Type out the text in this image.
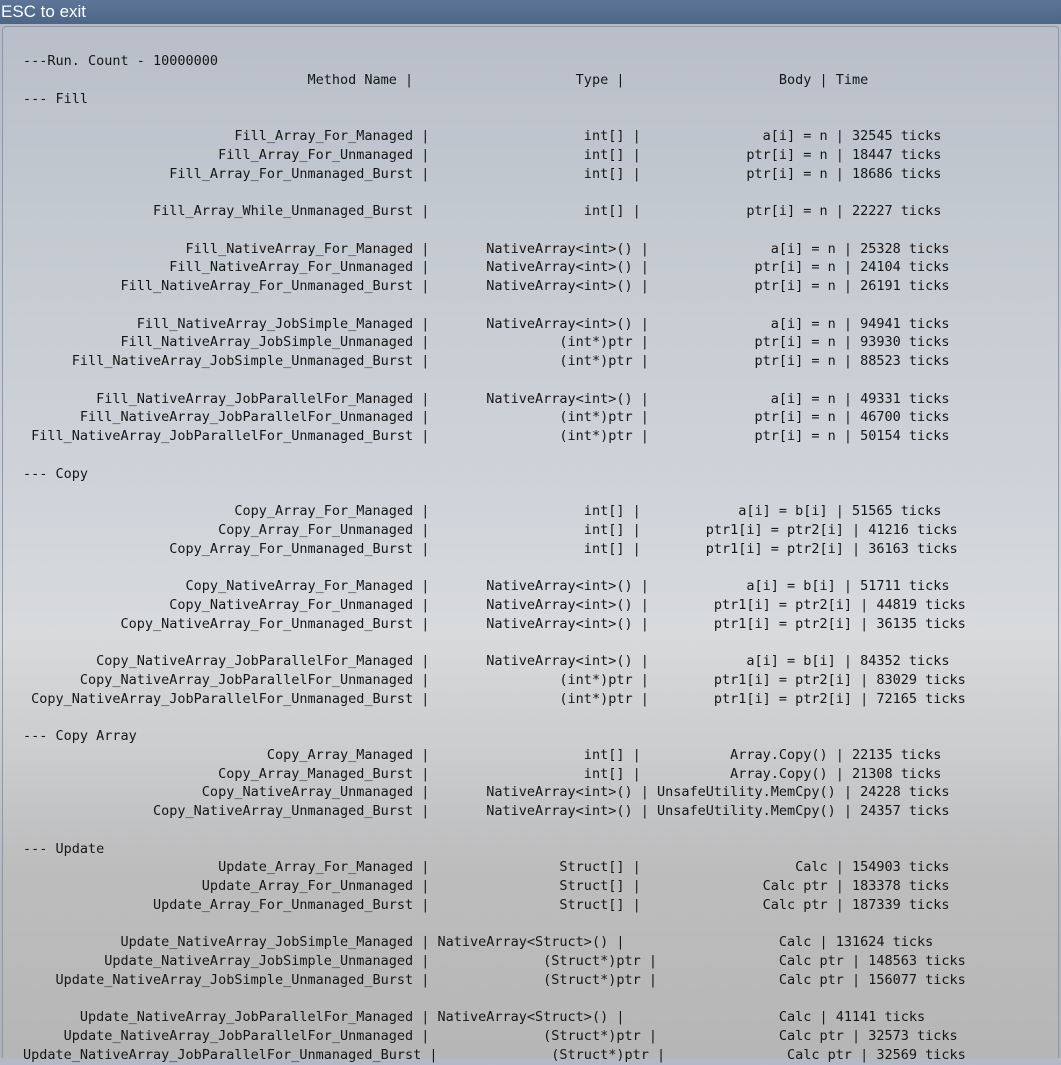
ESC to exit
---Run. Count - 10000000
Method Name |                    Type |                   Body | Time
--- Fill
Fill_Array_For_Managed |                   int[] |               a[i] = n | 32545 ticks
Fill_Array_For_Unmanaged |                   int[] |             ptr[i] = n | 18447 ticks
Fill_Array_For_Unmanaged_Burst |                   int[] |             ptr[i] = n | 18686 ticks
Fill_Array_While_Unmanaged_Burst |                   int[] |             ptr[i] = n | 22227 ticks
Fill_NativeArray_For_Managed |       NativeArray<int>() |               a[i] = n | 25328 ticks
Fill_NativeArray_For_Unmanaged |       NativeArray<int>() |             ptr[i] = n | 24104 ticks
Fill_NativeArray_For_Unmanaged_Burst |       NativeArray<int>() |             ptr[i] = n | 26191 ticks
Fill_NativeArray_JobSimple_Managed |       NativeArray<int>() |               a[i] = n | 94941 ticks
Fill_NativeArray_JobSimple_Unmanaged |                (int*)ptr |             ptr[i] = n | 93930 ticks
Fill_NativeArray_JobSimple_Unmanaged_Burst |                (int*)ptr |             ptr[i] = n | 88523 ticks
Fill_NativeArray_JobParallelFor_Managed |       NativeArray<int>() |               a[i] = n | 49331 ticks
Fill_NativeArray_JobParallelFor_Unmanaged |                (int*)ptr |             ptr[i] = n | 46700 ticks
Fill_NativeArray_JobParallelFor_Unmanaged_Burst |                (int*)ptr |             ptr[i] = n | 50154 ticks
--- Copy
Copy_Array_For_Managed |                   int[] |            a[i] = b[i] | 51565 ticks
Copy_Array_For_Unmanaged |                   int[] |        ptr1[i] = ptr2[i] | 41216 ticks
Copy_Array_For_Unmanaged_Burst |                   int[] |        ptr1[i] = ptr2[i] | 36163 ticks
Copy_NativeArray_For_Managed |       NativeArray<int>() |            a[i] = b[i] | 51711 ticks
Copy_NativeArray_For_Unmanaged |       NativeArray<int>() |        ptr1[i] = ptr2[i] | 44819 ticks
Copy_NativeArray_For_Unmanaged_Burst |       NativeArray<int>() |        ptr1[i] = ptr2[i] | 36135 ticks
Copy_NativeArray_JobParallelFor_Managed |       NativeArray<int>() |            a[i] = b[i] | 84352 ticks
Copy_NativeArray_JobParallelFor_Unmanaged |                (int*)ptr |        ptr1[i] = ptr2[i] | 83029 ticks
Copy_NativeArray_JobParallelFor_Unmanaged_Burst |                (int*)ptr |        ptr1[i] = ptr2[i] | 72165 ticks
--- Copy Array
Copy_Array_Managed |                   int[] |           Array.Copy() | 22135 ticks
Copy_Array_Managed_Burst |                   int[] |           Array.Copy() | 21308 ticks
Copy_NativeArray_Unmanaged |       NativeArray<int>() | UnsafeUtility.MemCpy() | 24228 ticks
Copy_NativeArray_Unmanaged_Burst |       NativeArray<int>() | UnsafeUtility.MemCpy() | 24357 ticks
--- Update
Update_Array_For_Managed |                Struct[] |                   Calc | 154903 ticks
Update_Array_For_Unmanaged |                Struct[] |               Calc ptr | 183378 ticks
Update_Array_For_Unmanaged_Burst |                Struct[] |               Calc ptr | 187339 ticks
Update_NativeArray_JobSimple_Managed | NativeArray<Struct>() |                   Calc | 131624 ticks
Update_NativeArray_JobSimple_Unmanaged |              (Struct*)ptr |               Calc ptr | 148563 ticks
Update_NativeArray_JobSimple_Unmanaged_Burst |              (Struct*)ptr |               Calc ptr | 156077 ticks
Update_NativeArray_JobParallelFor_Managed | NativeArray<Struct>() |                   Calc | 41141 ticks
Update_NativeArray_JobParallelFor_Unmanaged |              (Struct*)ptr |               Calc ptr | 32573 ticks
Update_NativeArray_JobParallelFor_Unmanaged_Burst |              (Struct*)ptr |               Calc ptr | 32569 ticks
